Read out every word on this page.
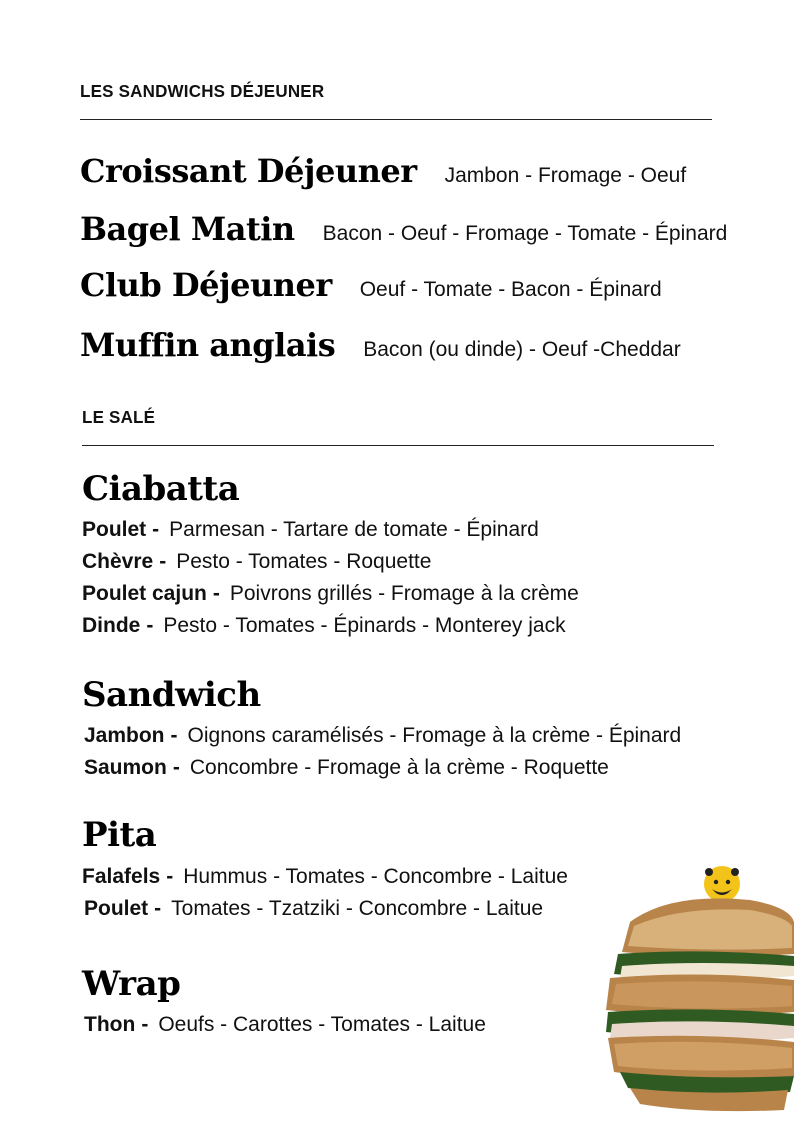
LES SANDWICHS DÉJEUNER
Croissant Déjeuner Jambon - Fromage - Oeuf
Bagel Matin Bacon - Oeuf - Fromage - Tomate - Épinard
Club Déjeuner Oeuf - Tomate - Bacon - Épinard
Muffin anglais Bacon (ou dinde) - Oeuf -Cheddar
LE SALÉ
Ciabatta
Poulet - Parmesan - Tartare de tomate - Épinard
Chèvre - Pesto - Tomates - Roquette
Poulet cajun - Poivrons grillés - Fromage à la crème
Dinde - Pesto - Tomates - Épinards - Monterey jack
Sandwich
Jambon - Oignons caramélisés - Fromage à la crème - Épinard
Saumon - Concombre - Fromage à la crème - Roquette
Pita
Falafels - Hummus - Tomates - Concombre - Laitue
Poulet - Tomates - Tzatziki - Concombre - Laitue
Wrap
Thon - Oeufs - Carottes - Tomates - Laitue
